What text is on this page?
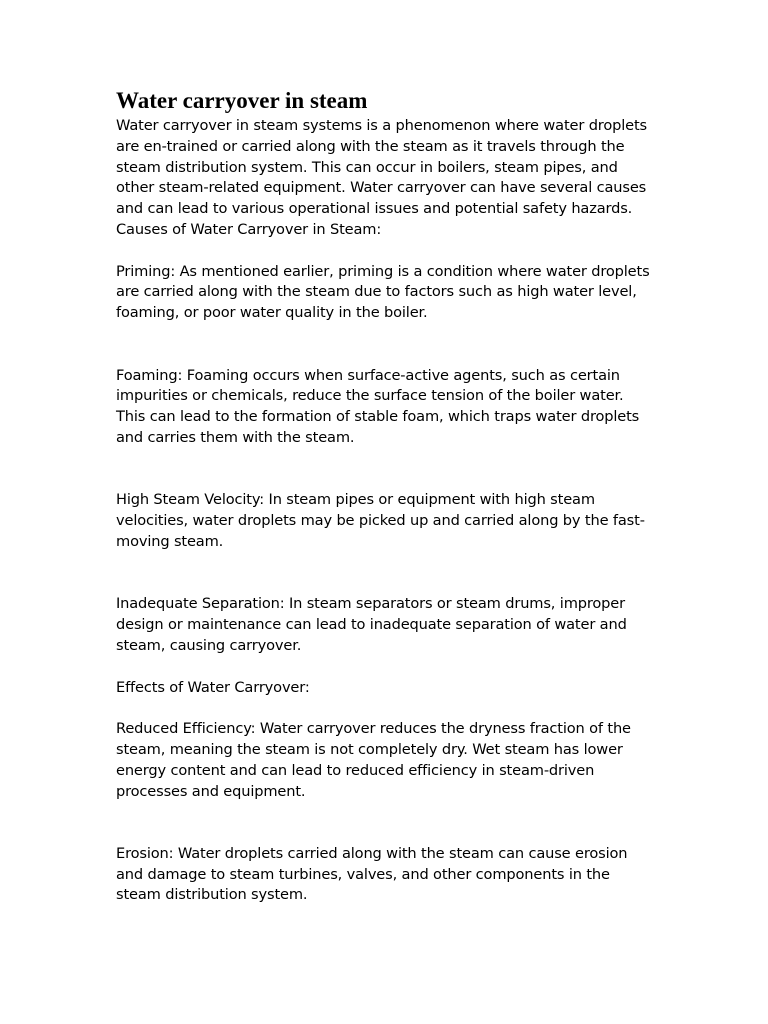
Water carryover in steam

Water carryover in steam systems is a phenomenon where water droplets are en-trained or carried along with the steam as it travels through the steam distribution system. This can occur in boilers, steam pipes, and other steam-related equipment. Water carryover can have several causes and can lead to various operational issues and potential safety hazards.

Causes of Water Carryover in Steam:

Priming: As mentioned earlier, priming is a condition where water droplets are carried along with the steam due to factors such as high water level, foaming, or poor water quality in the boiler.

Foaming: Foaming occurs when surface-active agents, such as certain impurities or chemicals, reduce the surface tension of the boiler water. This can lead to the formation of stable foam, which traps water droplets and carries them with the steam.

High Steam Velocity: In steam pipes or equipment with high steam velocities, water droplets may be picked up and carried along by the fast-moving steam.

Inadequate Separation: In steam separators or steam drums, improper design or maintenance can lead to inadequate separation of water and steam, causing carryover.

Effects of Water Carryover:

Reduced Efficiency: Water carryover reduces the dryness fraction of the steam, meaning the steam is not completely dry. Wet steam has lower energy content and can lead to reduced efficiency in steam-driven processes and equipment.

Erosion: Water droplets carried along with the steam can cause erosion and damage to steam turbines, valves, and other components in the steam distribution system.
